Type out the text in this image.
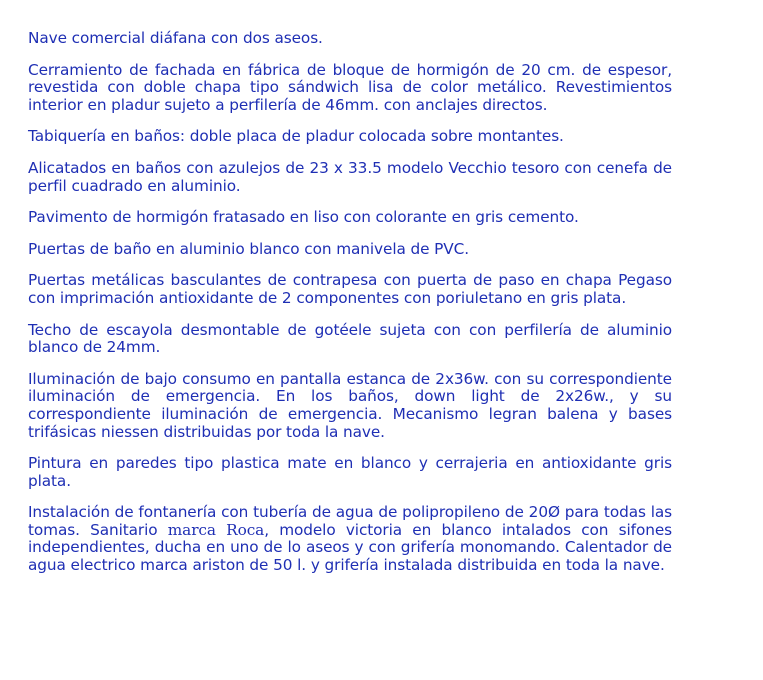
Nave comercial diáfana con dos aseos.

Cerramiento de fachada en fábrica de bloque de hormigón de 20 cm. de espesor, revestida con doble chapa tipo sándwich lisa de color metálico. Revestimientos interior en pladur sujeto a perfilería de 46mm. con anclajes directos.

Tabiquería en baños: doble placa de pladur colocada sobre montantes.

Alicatados en baños con azulejos de 23 x 33.5 modelo Vecchio tesoro con cenefa de perfil cuadrado en aluminio.

Pavimento de hormigón fratasado en liso con colorante en gris cemento.

Puertas de baño en aluminio blanco con manivela de PVC.

Puertas metálicas basculantes de contrapesa con puerta de paso en chapa Pegaso con imprimación antioxidante de 2 componentes con poriuletano en gris plata.

Techo de escayola desmontable de gotéele sujeta con con perfilería de aluminio blanco de 24mm.

Iluminación de bajo consumo en pantalla estanca de 2x36w. con su correspondiente iluminación de emergencia. En los baños, down light de 2x26w., y su correspondiente iluminación de emergencia. Mecanismo legran balena y bases trifásicas niessen distribuidas por toda la nave.

Pintura en paredes tipo plastica mate en blanco y cerrajeria en antioxidante gris plata.

Instalación de fontanería con tubería de agua de polipropileno de 20Ø para todas las tomas. Sanitario marca Roca, modelo victoria en blanco intalados con sifones independientes, ducha en uno de lo aseos y con grifería monomando. Calentador de agua electrico marca ariston de 50 l. y grifería instalada distribuida en toda la nave.
